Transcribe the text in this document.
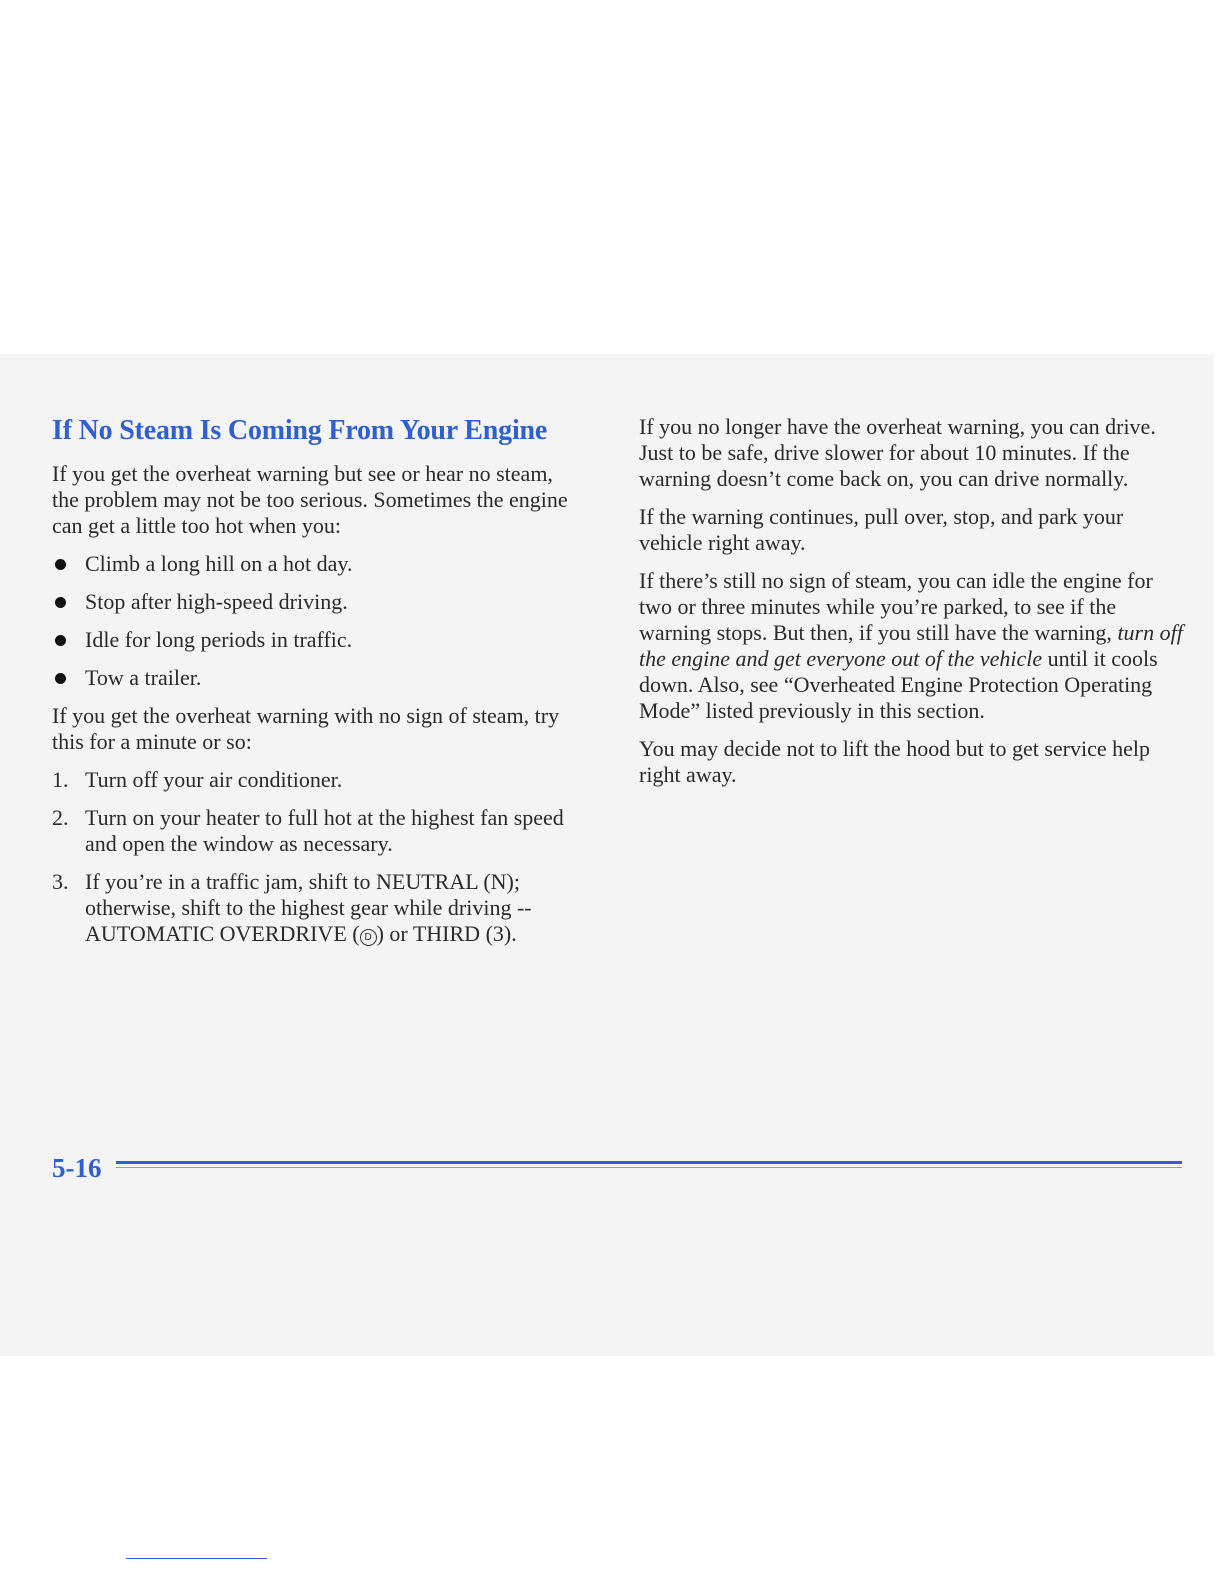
If No Steam Is Coming From Your Engine

If you get the overheat warning but see or hear no steam, the problem may not be too serious. Sometimes the engine can get a little too hot when you:

Climb a long hill on a hot day.
Stop after high-speed driving.
Idle for long periods in traffic.
Tow a trailer.

If you get the overheat warning with no sign of steam, try this for a minute or so:

1. Turn off your air conditioner.
2. Turn on your heater to full hot at the highest fan speed and open the window as necessary.
3. If you’re in a traffic jam, shift to NEUTRAL (N); otherwise, shift to the highest gear while driving -- AUTOMATIC OVERDRIVE ( D ) or THIRD (3).

If you no longer have the overheat warning, you can drive. Just to be safe, drive slower for about 10 minutes. If the warning doesn’t come back on, you can drive normally.

If the warning continues, pull over, stop, and park your vehicle right away.

If there’s still no sign of steam, you can idle the engine for two or three minutes while you’re parked, to see if the warning stops. But then, if you still have the warning, turn off the engine and get everyone out of the vehicle until it cools down. Also, see “Overheated Engine Protection Operating Mode” listed previously in this section.

You may decide not to lift the hood but to get service help right away.

5-16
